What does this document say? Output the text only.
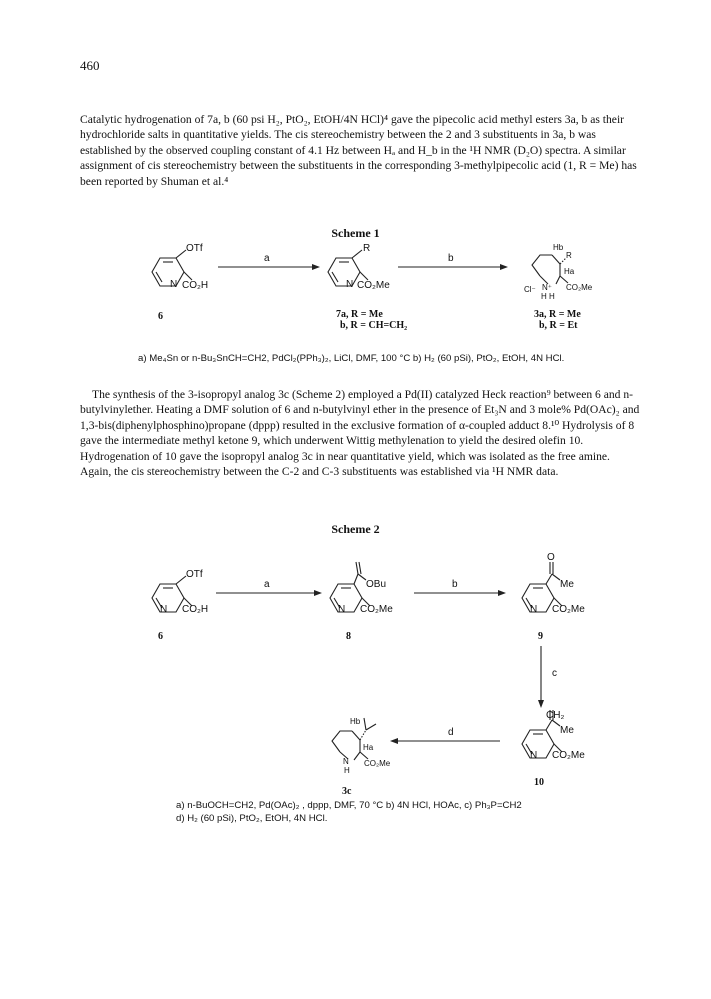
460

Catalytic hydrogenation of 7a, b (60 psi H₂, PtO₂, EtOH/4N HCl)⁴ gave the pipecolic acid methyl esters 3a, b as their hydrochloride salts in quantitative yields. The cis stereochemistry between the 2 and 3 substituents in 3a, b was established by the observed coupling constant of 4.1 Hz between Hₐ and H_b in the ¹H NMR (D₂O) spectra. A similar assignment of cis stereochemistry between the substituents in the corresponding 3-methylpipecolic acid (1, R = Me) has been reported by Shuman et al.⁴

Scheme 1
OTf
N CO₂H
6
a
R
N CO₂Me
7a, R = Me
b, R = CH=CH₂
b
Hb
R
Ha
Cl⁻ N⁺
H H
CO₂Me
3a, R = Me
b, R = Et
a) Me₄Sn or n-Bu₃SnCH=CH2, PdCl₂(PPh₃)₂, LiCl, DMF, 100 °C b) H₂ (60 pSi), PtO₂, EtOH, 4N HCl.

The synthesis of the 3-isopropyl analog 3c (Scheme 2) employed a Pd(II) catalyzed Heck reaction⁹ between 6 and n-butylvinylether. Heating a DMF solution of 6 and n-butylvinyl ether in the presence of Et₃N and 3 mole% Pd(OAc)₂ and 1,3-bis(diphenylphosphino)propane (dppp) resulted in the exclusive formation of α-coupled adduct 8.¹⁰ Hydrolysis of 8 gave the intermediate methyl ketone 9, which underwent Wittig methylenation to yield the desired olefin 10. Hydrogenation of 10 gave the isopropyl analog 3c in near quantitative yield, which was isolated as the free amine. Again, the cis stereochemistry between the C-2 and C-3 substituents was established via ¹H NMR data.

Scheme 2
OTf
N CO₂H
6
a	OBu
N CO₂Me
8
b
O
Me
N CO₂Me
9
c
CH₂
Me
N CO₂Me
10
d
Hb
Ha
N
H
CO₂Me
3c
a) n-BuOCH=CH2, Pd(OAc)₂ , dppp, DMF, 70 °C b) 4N HCl, HOAc, c) Ph₃P=CH2
d) H₂ (60 pSi), PtO₂, EtOH, 4N HCl.
